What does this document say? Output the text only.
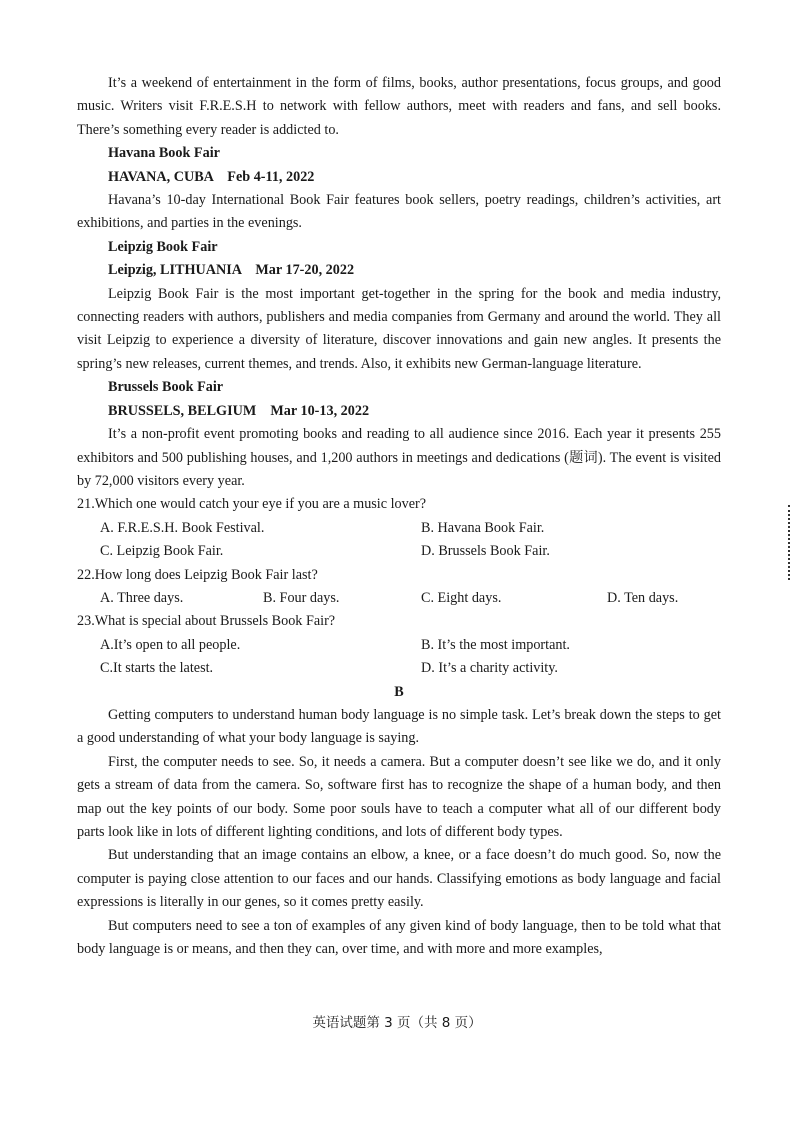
It’s a weekend of entertainment in the form of films, books, author presentations, focus groups, and good music. Writers visit F.R.E.S.H to network with fellow authors, meet with readers and fans, and sell books. There’s something every reader is addicted to.

Havana Book Fair

HAVANA, CUBA    Feb 4-11, 2022

Havana’s 10-day International Book Fair features book sellers, poetry readings, children’s activities, art exhibitions, and parties in the evenings.

Leipzig Book Fair

Leipzig, LITHUANIA    Mar 17-20, 2022

Leipzig Book Fair is the most important get-together in the spring for the book and media industry, connecting readers with authors, publishers and media companies from Germany and around the world. They all visit Leipzig to experience a diversity of literature, discover innovations and gain new angles. It presents the spring’s new releases, current themes, and trends. Also, it exhibits new German-language literature.

Brussels Book Fair

BRUSSELS, BELGIUM    Mar 10-13, 2022

It’s a non-profit event promoting books and reading to all audience since 2016. Each year it presents 255 exhibitors and 500 publishing houses, and 1,200 authors in meetings and dedications (题词). The event is visited by 72,000 visitors every year.

21.Which one would catch your eye if you are a music lover?

A. F.R.E.S.H. Book Festival.	B. Havana Book Fair.
C. Leipzig Book Fair.	D. Brussels Book Fair.

22.How long does Leipzig Book Fair last?

A. Three days.	B. Four days.	C. Eight days.	D. Ten days.

23.What is special about Brussels Book Fair?

A.It’s open to all people.	B. It’s the most important.
C.It starts the latest.	D. It’s a charity activity.

B

Getting computers to understand human body language is no simple task. Let’s break down the steps to get a good understanding of what your body language is saying.

First, the computer needs to see. So, it needs a camera. But a computer doesn’t see like we do, and it only gets a stream of data from the camera. So, software first has to recognize the shape of a human body, and then map out the key points of our body. Some poor souls have to teach a computer what all of our different body parts look like in lots of different lighting conditions, and lots of different body types.

But understanding that an image contains an elbow, a knee, or a face doesn’t do much good. So, now the computer is paying close attention to our faces and our hands. Classifying emotions as body language and facial expressions is literally in our genes, so it comes pretty easily.

But computers need to see a ton of examples of any given kind of body language, then to be told what that body language is or means, and then they can, over time, and with more and more examples,

英语试题第 3 页（共 8 页）
